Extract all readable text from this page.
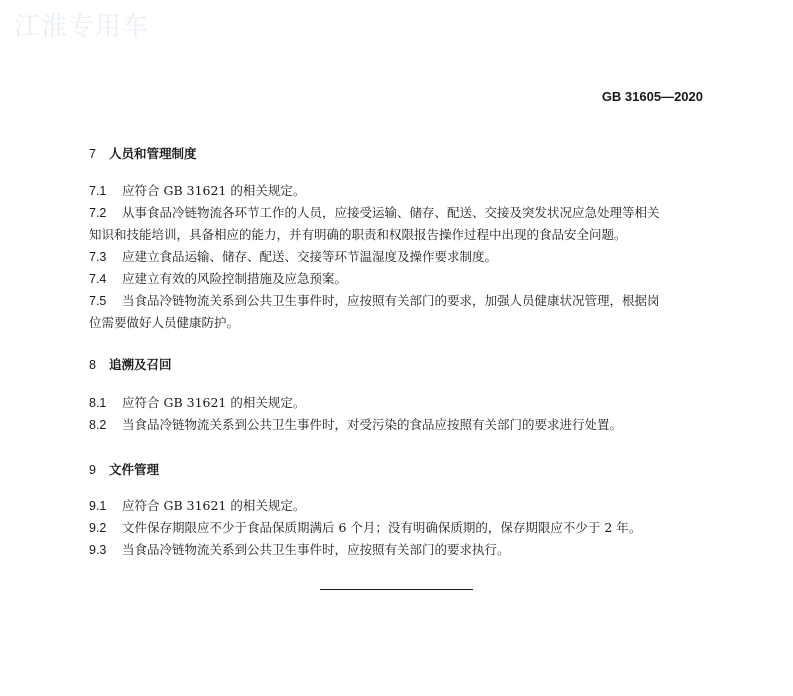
江淮专用车
GB 31605—2020
7 人员和管理制度
7.1 应符合 GB 31621 的相关规定。
7.2 从事食品冷链物流各环节工作的人员，应接受运输、储存、配送、交接及突发状况应急处理等相关
知识和技能培训，具备相应的能力，并有明确的职责和权限报告操作过程中出现的食品安全问题。
7.3 应建立食品运输、储存、配送、交接等环节温湿度及操作要求制度。
7.4 应建立有效的风险控制措施及应急预案。
7.5 当食品冷链物流关系到公共卫生事件时，应按照有关部门的要求，加强人员健康状况管理，根据岗
位需要做好人员健康防护。
8 追溯及召回
8.1 应符合 GB 31621 的相关规定。
8.2 当食品冷链物流关系到公共卫生事件时，对受污染的食品应按照有关部门的要求进行处置。
9 文件管理
9.1 应符合 GB 31621 的相关规定。
9.2 文件保存期限应不少于食品保质期满后 6 个月；没有明确保质期的，保存期限应不少于 2 年。
9.3 当食品冷链物流关系到公共卫生事件时，应按照有关部门的要求执行。
